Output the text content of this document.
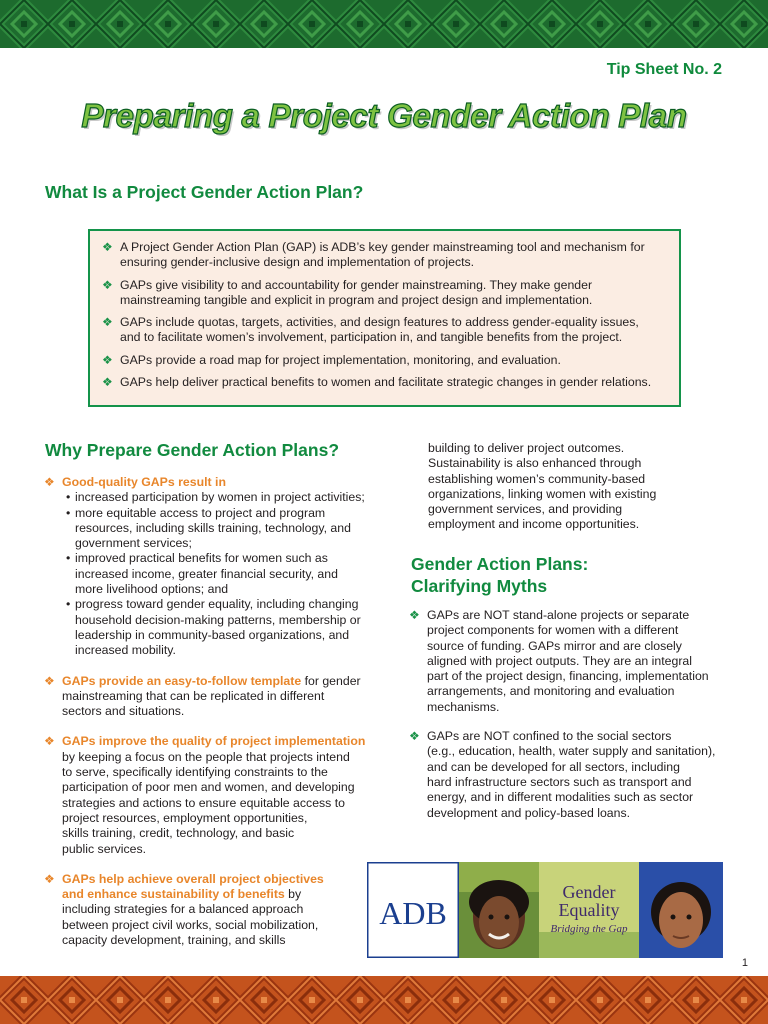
Tip Sheet No. 2
Preparing a Project Gender Action Plan
What Is a Project Gender Action Plan?
❖ A Project Gender Action Plan (GAP) is ADB’s key gender mainstreaming tool and mechanism for
ensuring gender-inclusive design and implementation of projects.
❖ GAPs give visibility to and accountability for gender mainstreaming. They make gender
mainstreaming tangible and explicit in program and project design and implementation.
❖ GAPs include quotas, targets, activities, and design features to address gender-equality issues,
and to facilitate women’s involvement, participation in, and tangible benefits from the project.
❖ GAPs provide a road map for project implementation, monitoring, and evaluation.
❖ GAPs help deliver practical benefits to women and facilitate strategic changes in gender relations.
Why Prepare Gender Action Plans?
❖ Good-quality GAPs result in
• increased participation by women in project activities;
• more equitable access to project and program
resources, including skills training, technology, and
government services;
• improved practical benefits for women such as
increased income, greater financial security, and
more livelihood options; and
• progress toward gender equality, including changing
household decision-making patterns, membership or
leadership in community-based organizations, and
increased mobility.
❖ GAPs provide an easy-to-follow template for gender
mainstreaming that can be replicated in different
sectors and situations.
❖ GAPs improve the quality of project implementation
by keeping a focus on the people that projects intend
to serve, specifically identifying constraints to the
participation of poor men and women, and developing
strategies and actions to ensure equitable access to
project resources, employment opportunities,
skills training, credit, technology, and basic
public services.
❖ GAPs help achieve overall project objectives
and enhance sustainability of benefits by
including strategies for a balanced approach
between project civil works, social mobilization,
capacity development, training, and skills
building to deliver project outcomes.
Sustainability is also enhanced through
establishing women’s community-based
organizations, linking women with existing
government services, and providing
employment and income opportunities.
Gender Action Plans:
Clarifying Myths
❖ GAPs are NOT stand-alone projects or separate
project components for women with a different
source of funding. GAPs mirror and are closely
aligned with project outputs. They are an integral
part of the project design, financing, implementation
arrangements, and monitoring and evaluation
mechanisms.
❖ GAPs are NOT confined to the social sectors
(e.g., education, health, water supply and sanitation),
and can be developed for all sectors, including
hard infrastructure sectors such as transport and
energy, and in different modalities such as sector
development and policy-based loans.
ADB
Gender
Equality
Bridging the Gap
1
